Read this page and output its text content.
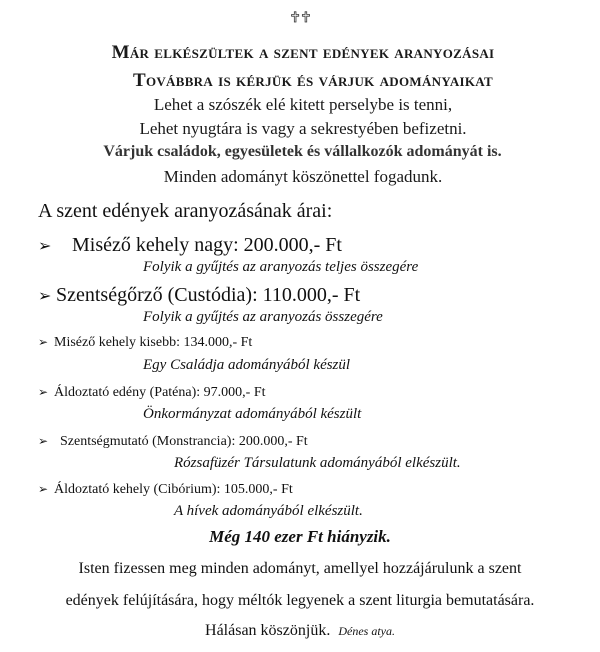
✝✝
Már elkészültek a szent edények aranyozásai
Továbbra is kérjük és várjuk adományaikat
Lehet a szószék elé kitett perselybe is tenni,
Lehet nyugtára is vagy a sekrestyében befizetni.
Várjuk családok, egyesületek és vállalkozók adományát is.
Minden adományt köszönettel fogadunk.
A szent edények aranyozásának árai:
➢	Miséző kehely nagy: 200.000,- Ft
Folyik a gyűjtés az aranyozás teljes összegére
➢ Szentségőrző (Custódia): 110.000,- Ft
Folyik a gyűjtés az aranyozás összegére
➢ Miséző kehely kisebb: 134.000,- Ft
Egy Családja adományából készül
➢ Áldoztató edény (Paténa): 97.000,- Ft
Önkormányzat adományából készült
➢ Szentségmutató (Monstrancia): 200.000,- Ft
Rózsafüzér Társulatunk adományából elkészült.
➢ Áldoztató kehely (Cibórium): 105.000,- Ft
A hívek adományából elkészült.
Még 140 ezer Ft hiányzik.
Isten fizessen meg minden adományt, amellyel hozzájárulunk a szent
edények felújítására, hogy méltók legyenek a szent liturgia bemutatására.
Hálásan köszönjük. Dénes atya.
